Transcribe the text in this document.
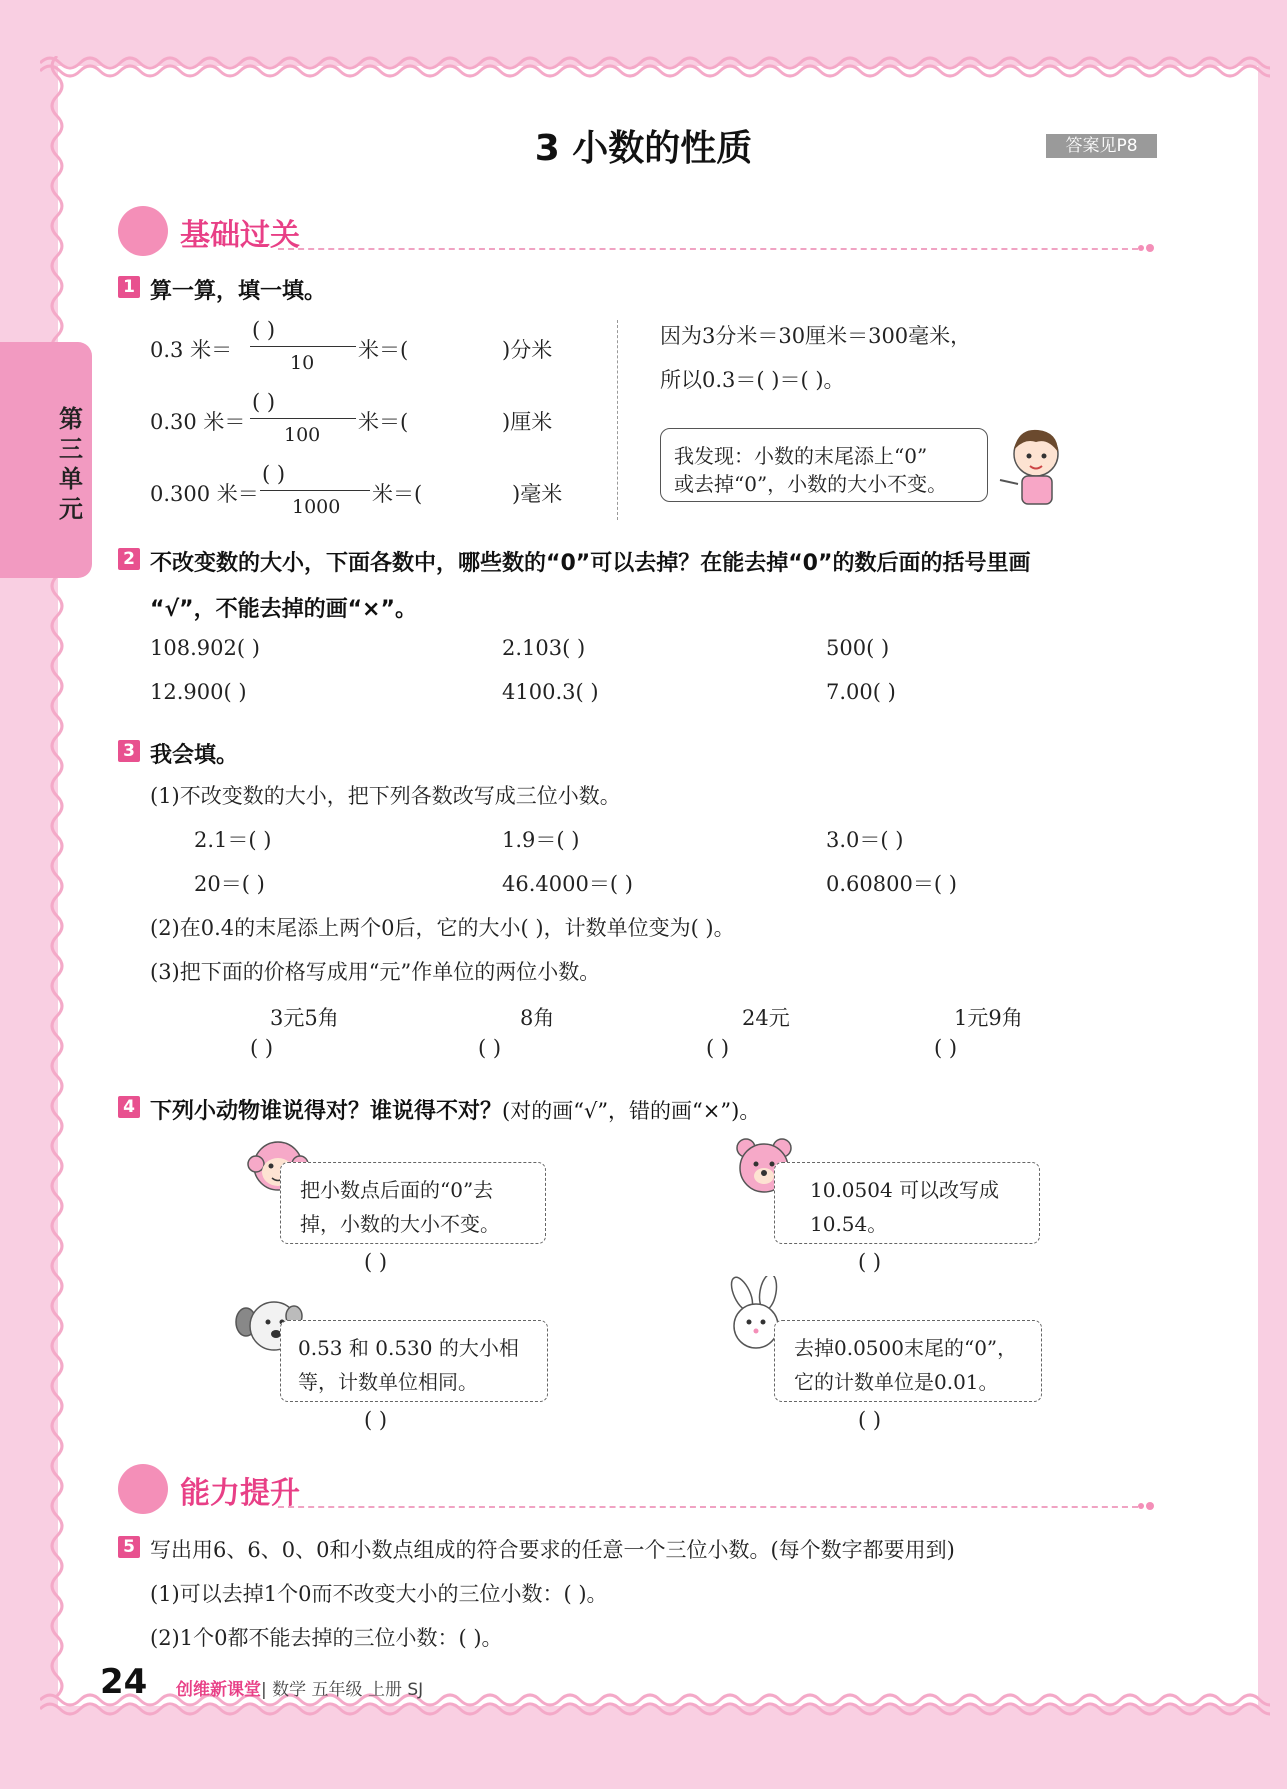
第三单元
3 小数的性质	答案见P8
基础过关
1 算一算，填一填。
0.3 米＝
( )
10
米＝(	)分米
0.30 米＝
( )
100
米＝(	)厘米
0.300 米＝
( )
1000
米＝(	)毫米
因为3分米＝30厘米＝300毫米，
所以0.3＝( )＝( )。
我发现：小数的末尾添上“0”
或去掉“0”，小数的大小不变。
2 不改变数的大小，下面各数中，哪些数的“0”可以去掉？在能去掉“0”的数后面的括号里画
“√”，不能去掉的画“×”。
108.902( )	2.103( )	500( )
12.900( )	4100.3( )	7.00( )
3 我会填。
(1)不改变数的大小，把下列各数改写成三位小数。
2.1＝( )	1.9＝( )	3.0＝( )
20＝( )	46.4000＝( )	0.60800＝( )
(2)在0.4的末尾添上两个0后，它的大小( )，计数单位变为( )。
(3)把下面的价格写成用“元”作单位的两位小数。
3元5角	8角	24元	1元9角
( )	( )	( )	( )
4 下列小动物谁说得对？谁说得不对？(对的画“√”，错的画“×”)。
把小数点后面的“0”去
掉，小数的大小不变。
( )
10.0504 可以改写成
10.54。
( )
0.53 和 0.530 的大小相
等，计数单位相同。
( )
去掉0.0500末尾的“0”，
它的计数单位是0.01。
( )
能力提升
5 写出用6、6、0、0和小数点组成的符合要求的任意一个三位小数。(每个数字都要用到)
(1)可以去掉1个0而不改变大小的三位小数：( )。
(2)1个0都不能去掉的三位小数：( )。
24 创维新课堂| 数学 五年级 上册 SJ
